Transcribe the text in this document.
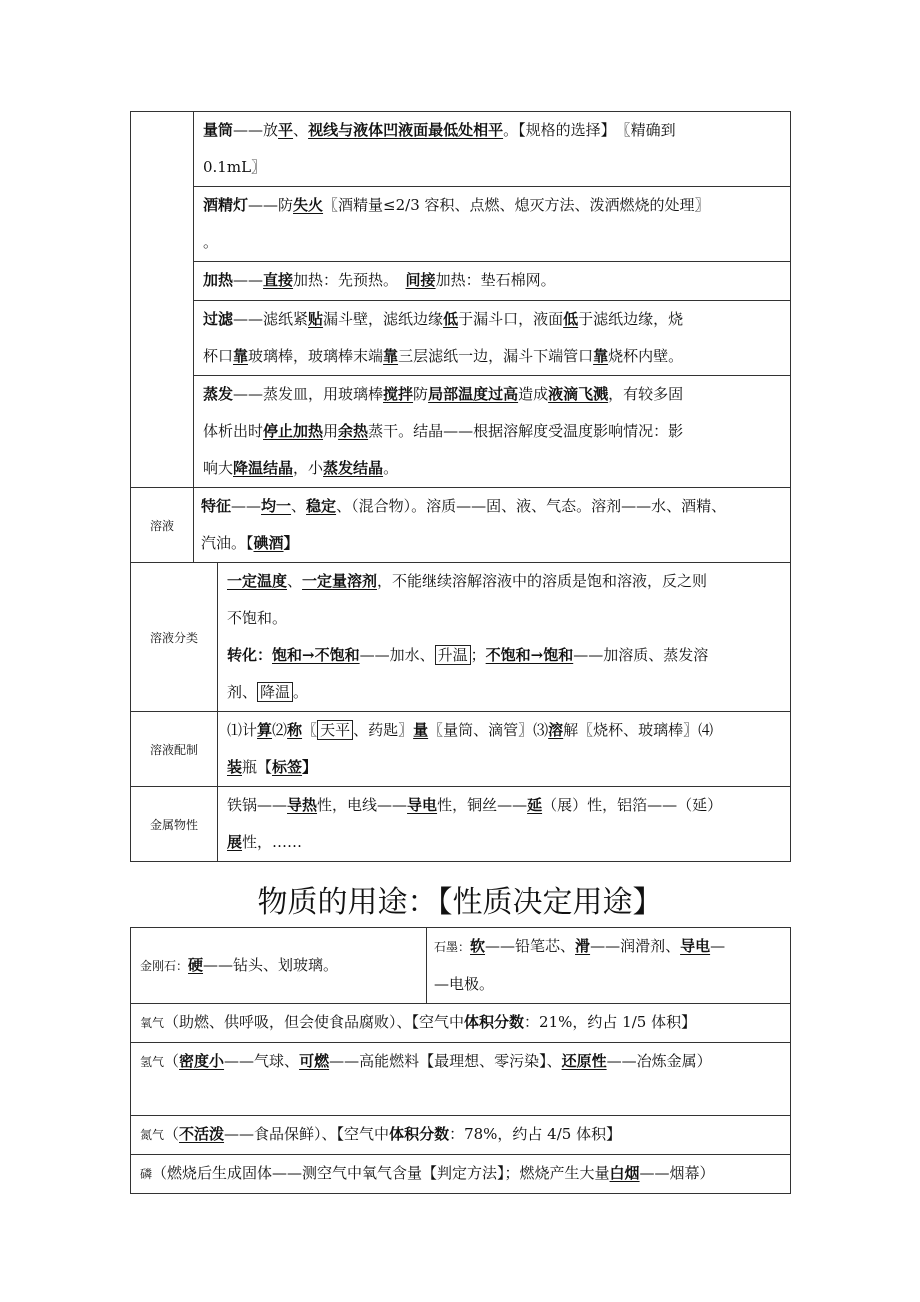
	量筒——放平、视线与液体凹液面最低处相平。【规格的选择】　〖精确到
0.1mL〗	

	酒精灯——防失火〖酒精量≤2/3 容积、点燃、熄灭方法、泼洒燃烧的处理〗
。	

	加热——直接加热：先预热。　间接加热：垫石棉网。	

	过滤——滤纸紧贴漏斗壁，滤纸边缘低于漏斗口，液面低于滤纸边缘，烧
杯口靠玻璃棒，玻璃棒末端靠三层滤纸一边，漏斗下端管口靠烧杯内壁。	

	蒸发——蒸发皿，用玻璃棒搅拌防局部温度过高造成液滴飞溅，有较多固
体析出时停止加热用余热蒸干。结晶——根据溶解度受温度影响情况：影
响大降温结晶，小蒸发结晶。	

溶液	特征——均一、稳定、（混合物）。溶质——固、液、气态。溶剂——水、酒精、
汽油。【碘酒】	

溶液分类		一定温度、一定量溶剂，不能继续溶解溶液中的溶质是饱和溶液，反之则
不饱和。
转化：饱和→不饱和——加水、 升温 ；不饱和→饱和——加溶质、蒸发溶
剂、 降温 。

溶液配制		⑴计算⑵称〖 天平 、药匙〗量〖量筒、滴管〗⑶溶解〖烧杯、玻璃棒〗⑷
装瓶【标签】

金属物性		铁锅——导热性，电线——导电性，铜丝——延（展）性，铝箔——（延）
展性，……
物质的用途：【性质决定用途】
金刚石：硬——钻头、划玻璃。

石墨：软——铅笔芯、滑——润滑剂、导电—
—电极。

氧气（助燃、供呼吸，但会使食品腐败）、【空气中体积分数：21%，约占 1/5 体积】

氢气（密度小——气球、可燃——高能燃料【最理想、零污染】、还原性——冶炼金属）

氮气（不活泼——食品保鲜）、【空气中体积分数：78%，约占 4/5 体积】

磷（燃烧后生成固体——测空气中氧气含量【判定方法】；燃烧产生大量白烟——烟幕）
